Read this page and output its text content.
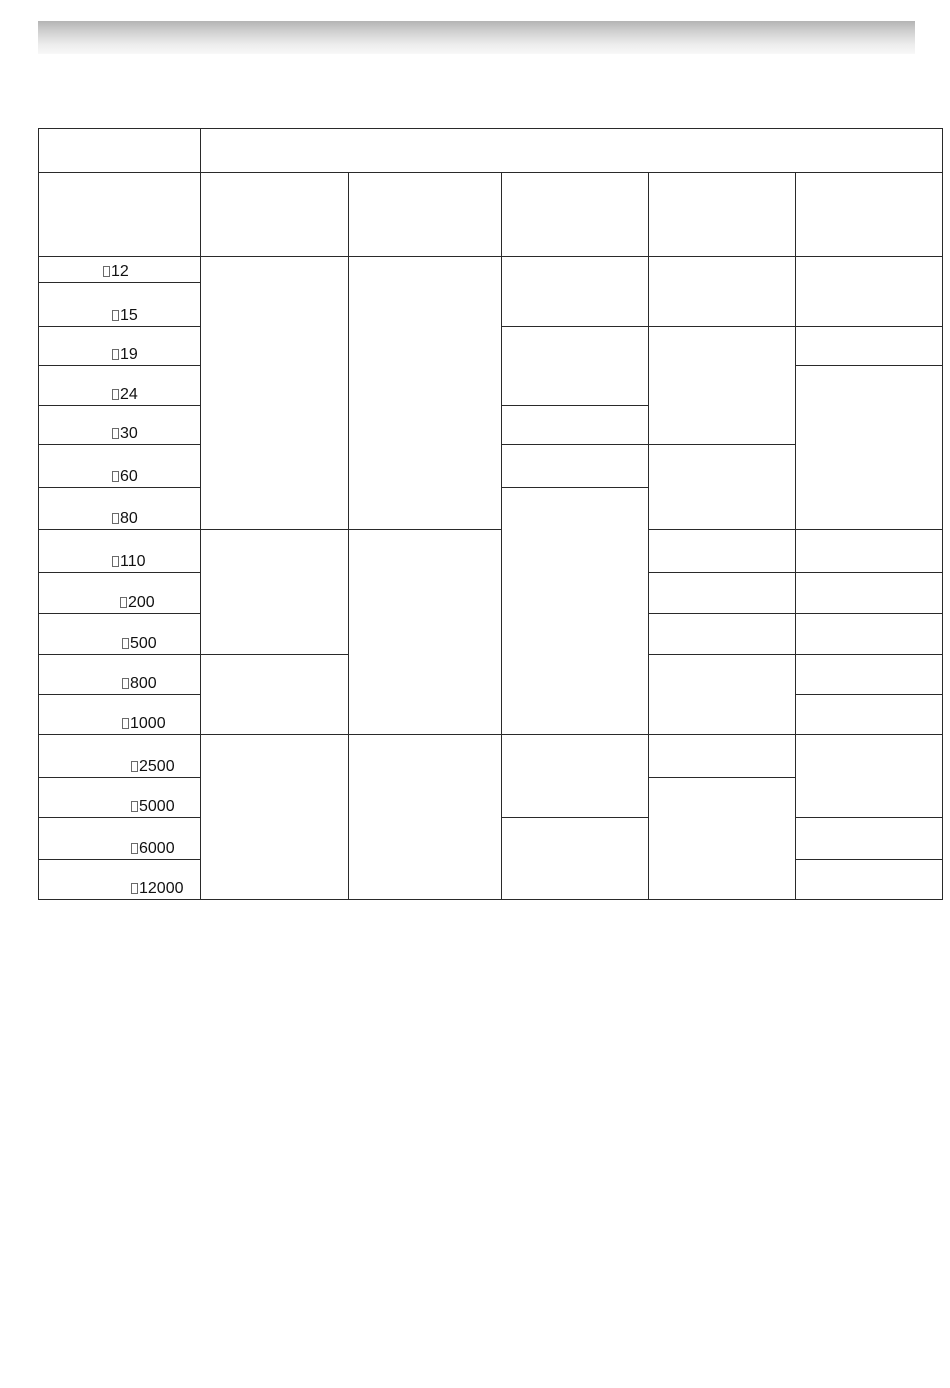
12					
15					
19					
24					
30					
60					
80					
110					
200					
500					
800					
1000					
2500					
5000					
6000					
12000					
